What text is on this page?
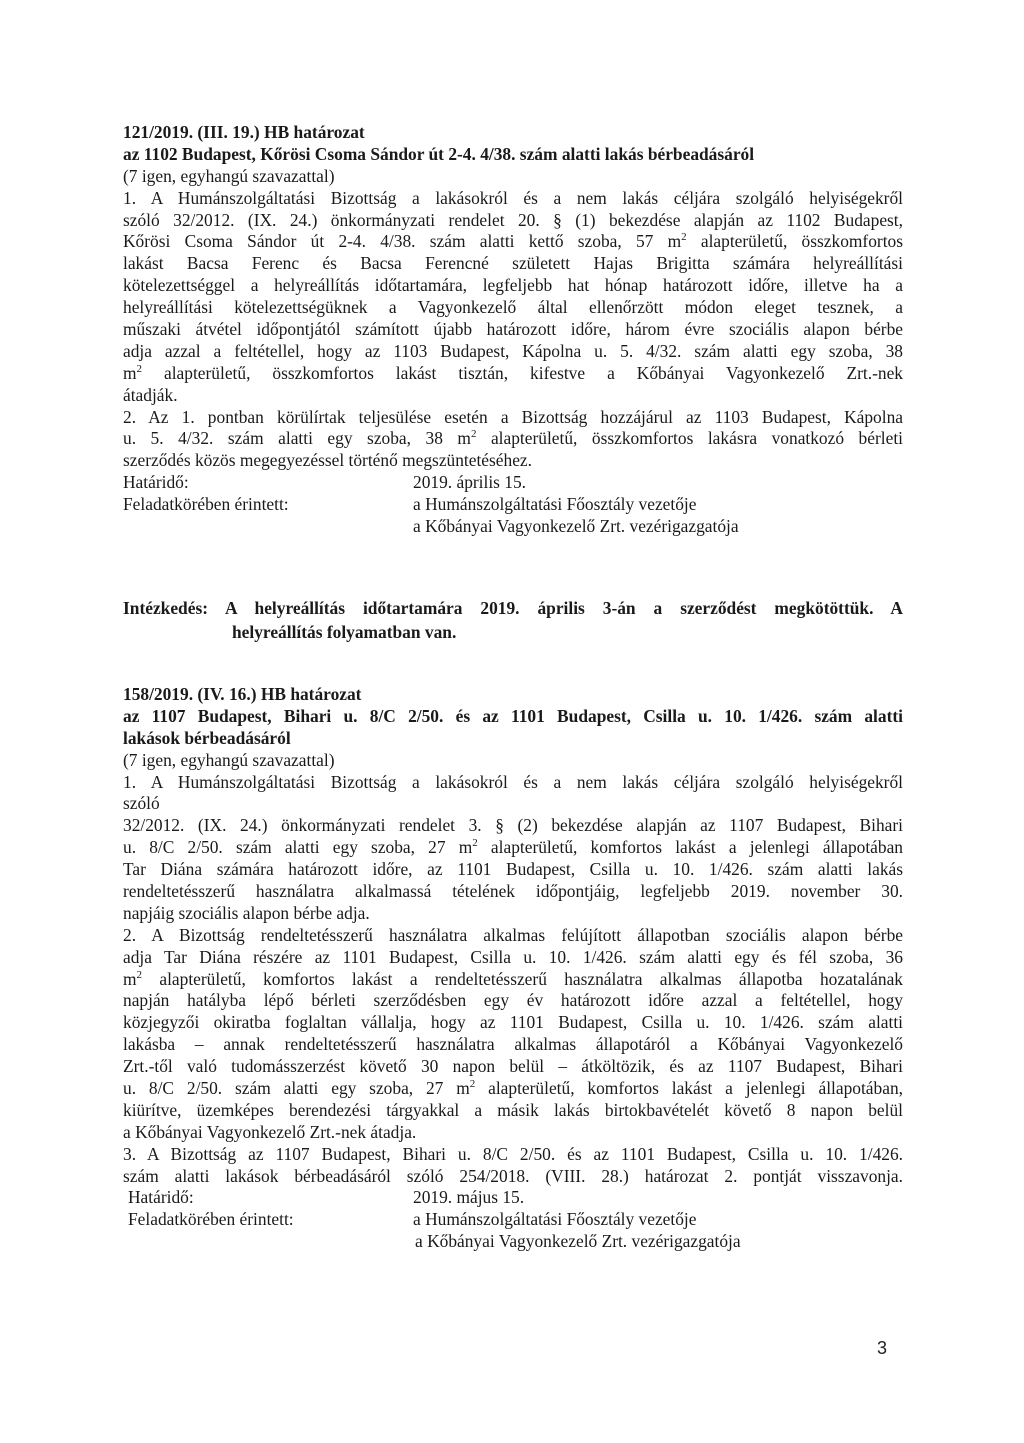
121/2019. (III. 19.) HB határozat
az 1102 Budapest, Kőrösi Csoma Sándor út 2-4. 4/38. szám alatti lakás bérbeadásáról
(7 igen, egyhangú szavazattal)
1. A Humánszolgáltatási Bizottság a lakásokról és a nem lakás céljára szolgáló helyiségekről
szóló 32/2012. (IX. 24.) önkormányzati rendelet 20. § (1) bekezdése alapján az 1102 Budapest,
Kőrösi Csoma Sándor út 2-4. 4/38. szám alatti kettő szoba, 57 $m^2$ alapterületű, összkomfortos
lakást Bacsa Ferenc és Bacsa Ferencné született Hajas Brigitta számára helyreállítási
kötelezettséggel a helyreállítás időtartamára, legfeljebb hat hónap határozott időre, illetve ha a
helyreállítási kötelezettségüknek a Vagyonkezelő által ellenőrzött módon eleget tesznek, a
műszaki átvétel időpontjától számított újabb határozott időre, három évre szociális alapon bérbe
adja azzal a feltétellel, hogy az 1103 Budapest, Kápolna u. 5. 4/32. szám alatti egy szoba, 38
$m^2$ alapterületű, összkomfortos lakást tisztán, kifestve a Kőbányai Vagyonkezelő Zrt.-nek
átadják.
2. Az 1. pontban körülírtak teljesülése esetén a Bizottság hozzájárul az 1103 Budapest, Kápolna
u. 5. 4/32. szám alatti egy szoba, 38 $m^2$ alapterületű, összkomfortos lakásra vonatkozó bérleti
szerződés közös megegyezéssel történő megszüntetéséhez.
Határidő:	2019. április 15.
Feladatkörében érintett:	a Humánszolgáltatási Főosztály vezetője
a Kőbányai Vagyonkezelő Zrt. vezérigazgatója
Intézkedés: A helyreállítás időtartamára 2019. április 3-án a szerződést megkötöttük. A
helyreállítás folyamatban van.
158/2019. (IV. 16.) HB határozat
az 1107 Budapest, Bihari u. 8/C 2/50. és az 1101 Budapest, Csilla u. 10. 1/426. szám alatti
lakások bérbeadásáról
(7 igen, egyhangú szavazattal)
1. A Humánszolgáltatási Bizottság a lakásokról és a nem lakás céljára szolgáló helyiségekről
szóló
32/2012. (IX. 24.) önkormányzati rendelet 3. § (2) bekezdése alapján az 1107 Budapest, Bihari
u. 8/C 2/50. szám alatti egy szoba, 27 $m^2$ alapterületű, komfortos lakást a jelenlegi állapotában
Tar Diána számára határozott időre, az 1101 Budapest, Csilla u. 10. 1/426. szám alatti lakás
rendeltetésszerű használatra alkalmassá tételének időpontjáig, legfeljebb 2019. november 30.
napjáig szociális alapon bérbe adja.
2. A Bizottság rendeltetésszerű használatra alkalmas felújított állapotban szociális alapon bérbe
adja Tar Diána részére az 1101 Budapest, Csilla u. 10. 1/426. szám alatti egy és fél szoba, 36
$m^2$ alapterületű, komfortos lakást a rendeltetésszerű használatra alkalmas állapotba hozatalának
napján hatályba lépő bérleti szerződésben egy év határozott időre azzal a feltétellel, hogy
közjegyzői okiratba foglaltan vállalja, hogy az 1101 Budapest, Csilla u. 10. 1/426. szám alatti
lakásba – annak rendeltetésszerű használatra alkalmas állapotáról a Kőbányai Vagyonkezelő
Zrt.-től való tudomásszerzést követő 30 napon belül – átköltözik, és az 1107 Budapest, Bihari
u. 8/C 2/50. szám alatti egy szoba, 27 $m^2$ alapterületű, komfortos lakást a jelenlegi állapotában,
kiürítve, üzemképes berendezési tárgyakkal a másik lakás birtokbavételét követő 8 napon belül
a Kőbányai Vagyonkezelő Zrt.-nek átadja.
3. A Bizottság az 1107 Budapest, Bihari u. 8/C 2/50. és az 1101 Budapest, Csilla u. 10. 1/426.
szám alatti lakások bérbeadásáról szóló 254/2018. (VIII. 28.) határozat 2. pontját visszavonja.
Határidő:	2019. május 15.
Feladatkörében érintett:	a Humánszolgáltatási Főosztály vezetője
a Kőbányai Vagyonkezelő Zrt. vezérigazgatója
3
